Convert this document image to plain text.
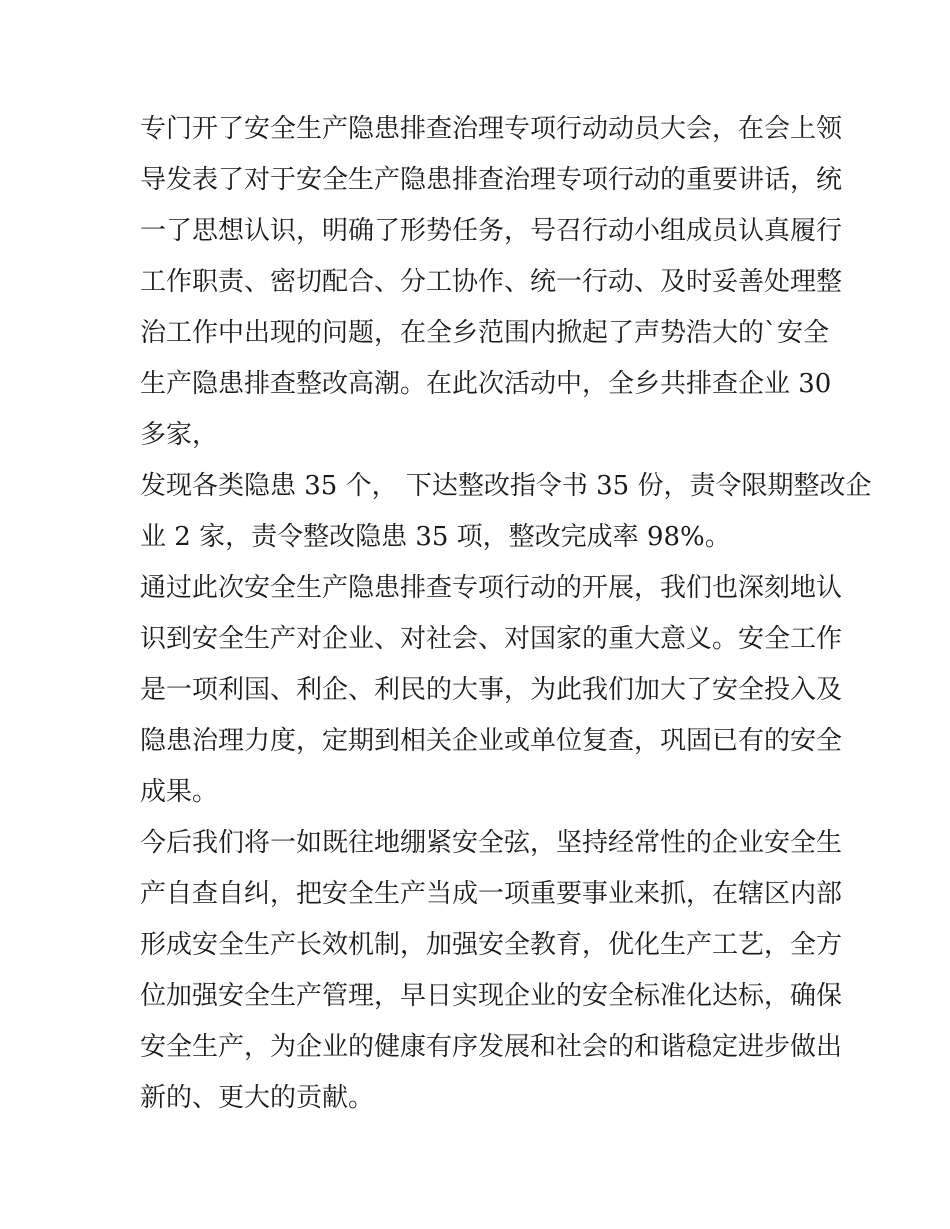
专门开了安全生产隐患排查治理专项行动动员大会，在会上领
导发表了对于安全生产隐患排查治理专项行动的重要讲话，统
一了思想认识，明确了形势任务，号召行动小组成员认真履行
工作职责、密切配合、分工协作、统一行动、及时妥善处理整
治工作中出现的问题，在全乡范围内掀起了声势浩大的`安全
生产隐患排查整改高潮。在此次活动中，全乡共排查企业 30
多家，
发现各类隐患 35 个， 下达整改指令书 35 份，责令限期整改企
业 2 家，责令整改隐患 35 项，整改完成率 98%。
通过此次安全生产隐患排查专项行动的开展，我们也深刻地认
识到安全生产对企业、对社会、对国家的重大意义。安全工作
是一项利国、利企、利民的大事，为此我们加大了安全投入及
隐患治理力度，定期到相关企业或单位复查，巩固已有的安全
成果。
今后我们将一如既往地绷紧安全弦，坚持经常性的企业安全生
产自查自纠，把安全生产当成一项重要事业来抓，在辖区内部
形成安全生产长效机制，加强安全教育，优化生产工艺，全方
位加强安全生产管理，早日实现企业的安全标准化达标，确保
安全生产，为企业的健康有序发展和社会的和谐稳定进步做出
新的、更大的贡献。
